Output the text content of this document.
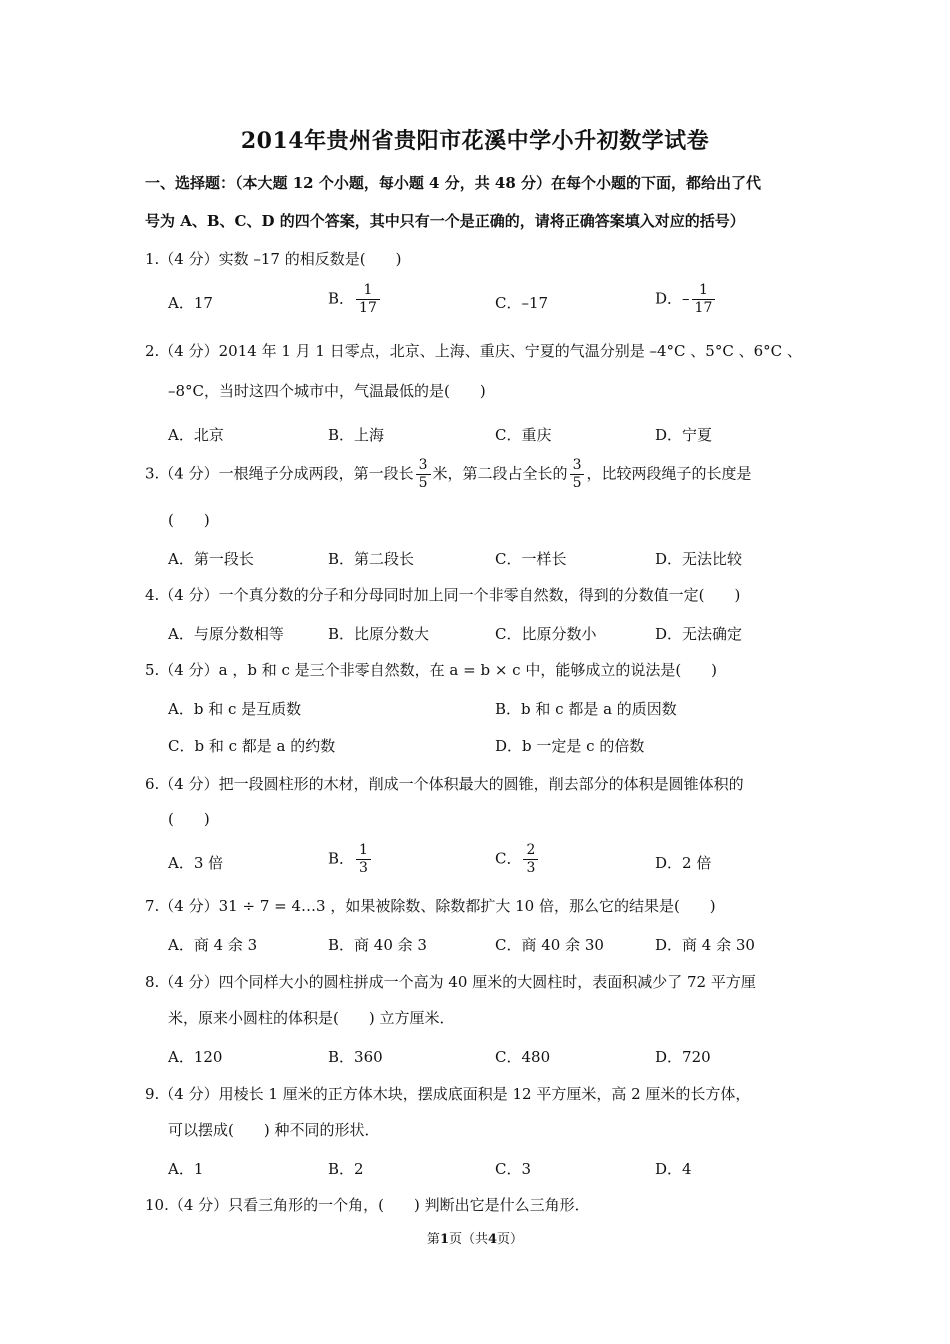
2014年贵州省贵阳市花溪中学小升初数学试卷
一、选择题：（本大题 12 个小题，每小题 4 分，共 48 分）在每个小题的下面，都给出了代
号为 A、B、C、D 的四个答案，其中只有一个是正确的，请将正确答案填入对应的括号）
1.（4 分）实数 –17 的相反数是(　　)
A．17	B． $\frac{1}{17}$	C．–17	D．– $\frac{1}{17}$
2.（4 分）2014 年 1 月 1 日零点，北京、上海、重庆、宁夏的气温分别是 –4°C 、5°C 、6°C 、
–8°C，当时这四个城市中，气温最低的是(　　)
A．北京	B．上海	C．重庆	D．宁夏
3.（4 分）一根绳子分成两段，第一段长 $\frac{3}{5}$ 米，第二段占全长的 $\frac{3}{5}$ ，比较两段绳子的长度是
(　　)
A．第一段长	B．第二段长	C．一样长	D．无法比较
4.（4 分）一个真分数的分子和分母同时加上同一个非零自然数，得到的分数值一定(　　)
A．与原分数相等	B．比原分数大	C．比原分数小	D．无法确定
5.（4 分）a ，b 和 c 是三个非零自然数，在 a = b × c 中，能够成立的说法是(　　)
A．b 和 c 是互质数	B．b 和 c 都是 a 的质因数
C．b 和 c 都是 a 的约数	D．b 一定是 c 的倍数
6.（4 分）把一段圆柱形的木材，削成一个体积最大的圆锥，削去部分的体积是圆锥体积的
(　　)
A．3 倍	B． $\frac{1}{3}$	C． $\frac{2}{3}$	D．2 倍
7.（4 分）31 ÷ 7 = 4…3 ，如果被除数、除数都扩大 10 倍，那么它的结果是(　　)
A．商 4 余 3	B．商 40 余 3	C．商 40 余 30	D．商 4 余 30
8.（4 分）四个同样大小的圆柱拼成一个高为 40 厘米的大圆柱时，表面积减少了 72 平方厘
米，原来小圆柱的体积是(　　) 立方厘米．
A．120	B．360	C．480	D．720
9.（4 分）用棱长 1 厘米的正方体木块，摆成底面积是 12 平方厘米，高 2 厘米的长方体，
可以摆成(　　) 种不同的形状．
A．1	B．2	C．3	D．4
10.（4 分）只看三角形的一个角，(　　) 判断出它是什么三角形．
第1页（共4页）
